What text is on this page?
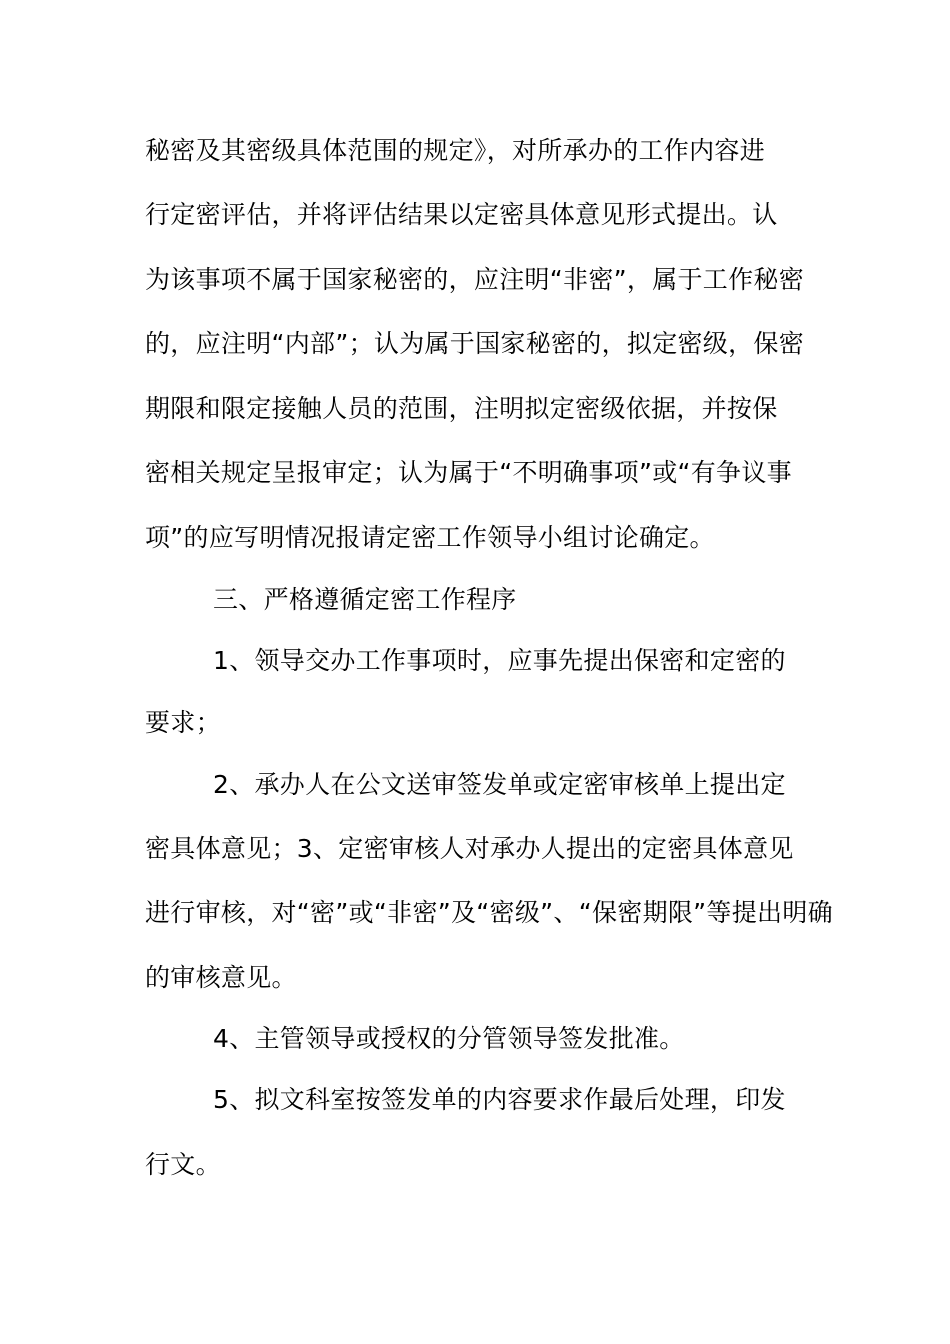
秘密及其密级具体范围的规定》，对所承办的工作内容进
行定密评估，并将评估结果以定密具体意见形式提出。认
为该事项不属于国家秘密的，应注明“非密”，属于工作秘密
的，应注明“内部”；认为属于国家秘密的，拟定密级，保密
期限和限定接触人员的范围，注明拟定密级依据，并按保
密相关规定呈报审定；认为属于“不明确事项”或“有争议事
项”的应写明情况报请定密工作领导小组讨论确定。
三、严格遵循定密工作程序
1、领导交办工作事项时，应事先提出保密和定密的
要求；
2、承办人在公文送审签发单或定密审核单上提出定
密具体意见；3、定密审核人对承办人提出的定密具体意见
进行审核，对“密”或“非密”及“密级”、“保密期限”等提出明确
的审核意见。
4、主管领导或授权的分管领导签发批准。
5、拟文科室按签发单的内容要求作最后处理，印发
行文。
